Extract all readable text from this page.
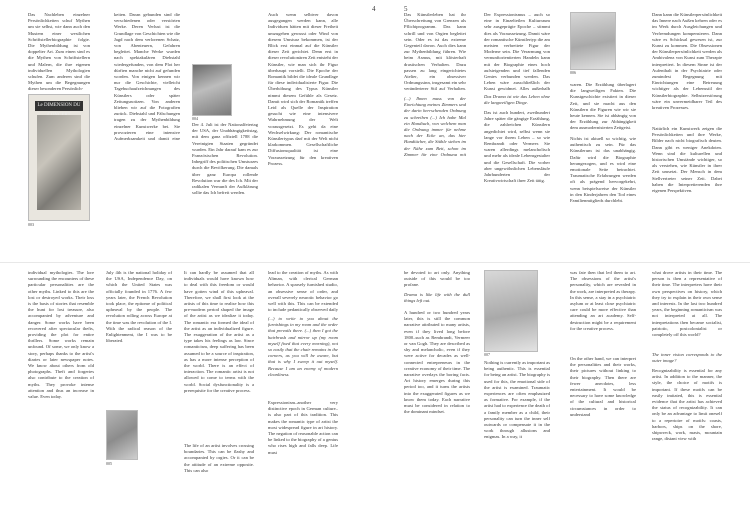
4	5
Das Nachleben einzelner Persönlichkeiten schuf Mythen um sie selbst, wie dann auch den Mustern einer westlichen Schriftstellerbiographie folgte. Die Mythenbildung ist von doppelter Art. Zum einen sind es die Mythen von Schriftstellern und Malern, die ihre eigenen individuellen Mythologien schufen. Zum anderen sind die Mythen um die Begegnungen dieser besonderen Persönlich-
Le DIMENSION DU
003
keiten. Daran gebunden sind die verschiedenen oder verstörten Werke. Deren Verlust ist die Grundlage von Geschichten wie die Jagd nach dem verlorenen Schatz, von Abenteuern, Gefahren begleitet. Manche Werke wurden nach spektakulären Diebstahl wiedergefunden, von dem Plot her dürften manche nicht auf gefunden worden. Von einigen kennen wir nur die Geschichte, vielleicht Tagebuchaufzeichnungen des Künstlers oder später Zeitungsnotizen. Von anderen blieben wir auf die Fotografien zurück. Diebstahl und Fälschungen tragen zu der Mythenbildung einzelner Kunstwerke bei. Sie provozieren eine intensive Aufmerksamkeit und damit eine
004
Der 4. Juli ist der Nationalfeiertag der USA, der Unabhängigkeitstag, mit dem ganz offiziell 1788 die Vereinigten Staaten gegründet wurden. Ein Jahr darauf kam es zur Französischen Revolution. Inbegriff des politischen Umsturzes durch die Bevölkerung. Die damals über ganz Europa rollende Revolution war die des Ich. Mit der radikalen Vernunft der Aufklärung sollte das Ich befreit werden.
Auch wenn selbiver davon ausgegangen werden kann, alle Individuen hätten mit dieser Freiheit umzugehen gewusst oder Wind von diesem Umsturz bekommen, ist der Blick erst einmal auf die Künstler dieser Zeit gerichtet. Denn erst in dieser revolutionären Zeit entsteht der Künstler, wie man sich ihr Figur überhaupt vorstellt. Die Epoche der Romantik bildet die ideale Grundlage für diese individualisierte Figur. Die Überhöhung des Typus Künstler nimmt diesem Gefühle als Gesetz. Damit wird sich der Romantik treffen Leid als Quelle der Inspiration gesucht wie eine intensivere Wahrnehmung der Welt vorausgesetzt. Es geht da eine Wechselwirkung: Der romantische Künstlertypus darf mit der Welt nicht klarkommen. Gesellschaftliche Diffusionsqualität ist eine Voraussetzung für den kreativen Prozess.
Das Künstlerleben hat ihr Überschreitung von Grenzen als Pflichtprogramm. Das kann schrill und von Orgien begleitet sein. Oder es ist das extreme Gegenteil davon. Auch dies kann zur Mythenbildung führen. Wie beim Asmus, mit klösterhaft drastischen Verhalten. Dazu passen zu lang eingerichtetes Atelier, ein obsessiver Ordnungssinn, insgesamt ein sehr veränderterer Stil auf Verhalten.
(...) Ihnen muss von der Einrichtung meines Zimmers und der darin herrschenden Ordnung zu schreiben (...) Ich habe Mal ein Handtuch, von welchem man die Ordnung immer für nehme nach der Ecke an, das hier Handtücher, die Stühle stehen im der Nähe zum Bett, schon im Zimmer für eine Ordnung mit
Der Expressionismus – auch so eine in Einzelteilen Kulturraum sehr ausgeprägte Epoche – stimmt dies als Voraussetzung. Damit wäre der romantische Künstlertyp die am meisten verbreitete Figur der Moderne sein. Die Verarmung von vernunftorientierten Handeln kann mit der Biographie eines hoch aufsteigenden und tief fallenden Genies verbunden werden. Das Leben wäre ausschließlich der Kunst gewidmet. Alles außerhalb
Das Drama ist wie das Leben ohne die langweiligen Dinge.
Das ist auch hundert, zweihundert Jahre später die gängige Erzählung, die zahlreichen Künstlern angedichtet wird, selbst wenn sie lange vor ihrem Leben – so wie Rembrandt oder Vermeer. Sie waren allerdings melancholisch und mehr als ideale Lebensgestalter und die Gesellschaft. Die vorher aber ungewöhnlichen Lebensläufe Jahrhunderten der Kreativwirtschaft ihrer Zeit tätig.
006
waren. Die Erzählung überlagert die langweiligen Fakten. Die Kunstgeschichte existiert in dieser Zeit, und sie macht aus den Künstlern die Figuren wie wir sie heute kennen. Sie ist abhängig von der Erzählung zur Abhängigkeit dem ausmodernisierten Zeitgeist.
Nichts ist aktuell so wichtig, wie authentisch zu sein. Für das Künstlerum ist das unabhängig. Dafür wird die Biographie herangezogen, und es wird eine emotionale Seite betrachtet. Traumatische Erfahrungen werden oft als prägend hervorgekehrt, wenn beispielsweise der Künstler in den Kinderjahren den Tod eines Familienmitglieds durchlebt.
Dann kann die Künstlerpersönlichkeit das Innere nach Außen kehren oder es im Werk durch Ausgleichungen und Verfremdungen kompensieren. Dann wäre es Schicksal gewesen ist, zur Kunst zu kommen. Die Obsessionen der Künstlerpersönlichkeit werden als Ambivalenz von Kunst zum Therapie interpretiert. In diesem Sinne ist der Aufenthalt in der Psychiatrie oder zumindest Begegnung mit Einrichtungen eine Betreuung wichtiger als der Lebensstil der Künstlerbiographie. Selbstzerstörung wäre ein unvermeidbarer Teil des kreativen Prozesses.
Natürlich ein Kunstwerk zeigen die Persönlichkeiten und ihre Werke, Bilder nach nicht biografisch deuten. Dann gibt es weniger Anekdoten. Wenn sind die kulturellen und historischen Umstände wichtiger, so als verstehen, wie Künstler in ihrer Zeit umsetzt. Der Mensch in dem Stellvertreter seiner Zeit. Dabei haben die Interpretierenden ihre eigenen Perspektiven.
individual mythologies. The lore surrounding the encounters of these particular personalities are the other myths. Linked to this are the lost or destroyed works. Their loss is the basis of stories that resemble the hunt for lost treasure, also accompanied by adventure and danger. Some works have been recovered after spectacular thefts, providing the plot for entire thrillers. Some works remain unfound. Of some, we only know a story, perhaps thanks to the artist's diaries or later newspaper notes. We know about others from old photographs. Theft and forgeries also contribute to the creation of myths. They provoke intense attention and thus an increase in value. Even today.
July 4th is the national holiday of the USA, Independence Day, on which the United States was officially founded in 1776. A few years later, the French Revolution took place, the epitome of political upheaval by the people. The revolution rolling across Europe at the time was the revolution of the I. With the radical reason of the Enlightenment, the I was to be liberated.
005
It can hardly be assumed that all individuals would have known how to deal with this freedom or would have gotten wind of this upheaval. Therefore, we shall first look at the artists of this time to realise how this pre-modern period shaped the image of the artist as we idealize it today. The romantic era formed the ideal of the artist as an individualized figure. The exaggeration of the artist as a type takes his feelings as law. Since romanticism, deep suffering has been assumed to be a source of inspiration, as has a more intense perception of the world. There is an effect of interaction. The romantic artist is not allowed to come to terms with the world. Social dysfunctionality is a prerequisite for the creative process.
The life of an artist involves crossing boundaries. This can be flashy and accompanied by orgies. Or it can be the attitude of an extreme opposite. This can also
lead to the creation of myths. As with Altman, with clerical German behavior. A sparsely furnished studio, an obsessive sense of order, and overall severely neurotic behavior go well with this. This can be extended to include pedantically observed daily
(...) to write to you about the furnishings in my room and the order that prevails there. (...) then I got the hairbrush and mirror up (my room myself fixed that every morning), not so easily that the chair remains in the corners, as you will be aware, but that is why I sweep it out myself. Because I am an enemy of modern cleanliness.
Expressionism–another very distinctive epoch in German culture–is also part of this tradition. This makes the romantic type of artist the most widespread figure in art history. The negation of reasonable action can be linked to the biography of a genius who rises high and falls deep. Life must
be devoted to art only. Anything outside of this would be too profane.
Drama is like life with the dull things left out.
A hundred or two hundred years later, this is still the common narrative attributed to many artists, even if they lived long before 1800–such as Rembrandt, Vermeer or van Gogh. They are described as shy and melancholic, even if they were active for decades as well-connected entrepreneurs in the creative economy of their time. The narrative overlays the boring facts. Art history emerges during this period too, and it turns the artists into the exaggerated figures as we know them today. Each narrative must be considered in relation to the dominant mindset.
007
Nothing is currently as important as being authentic. This is essential for being an artist. The biography is used for this, the emotional side of the artist is examined. Traumatic experiences are often emphasized as formative. For example, if the artist had to experience the death of a family member as a child, their personality can turn the inner self outwards or compensate it in the work through allusions and enigmas. In a way, it
was fate then that led them to art. The obsessions of the artist's personality, which are revealed in the work, are interpreted as therapy. In this sense, a stay in a psychiatric asylum or at least close psychiatric care could be more effective than attending an art academy. Self-destruction might be a requirement for the creative process.
On the other hand, we can interpret the personalities and their works, their pictures without linking to their biography. Then there are fewer anecdotes, less entertainment. It would be necessary to have some knowledge of the cultural and historical circumstances in order to understand
what drove artists in their time. The person is then a representative of their time. The interpreters have their own perspectives on history, which they try to explain in their own sense and interests. In the last two hundred years, the beginning romanticism was not interpreted at all. The interpretations then became socialist, patriotic, postcolonialist or completely off this world?
The inner vision corresponds to the outer image?
Recognizability is essential for any artist. In addition to the manner, the style, the choice of motifs is important. If these motifs can be easily imitated, this is essential evidence that the artist has achieved the status of recognizability. It can only be an advantage to limit oneself to a repertoire of motifs: coasts, harbors, ships on the shore, shipwreck, work, masts, mountain range, distant view with
